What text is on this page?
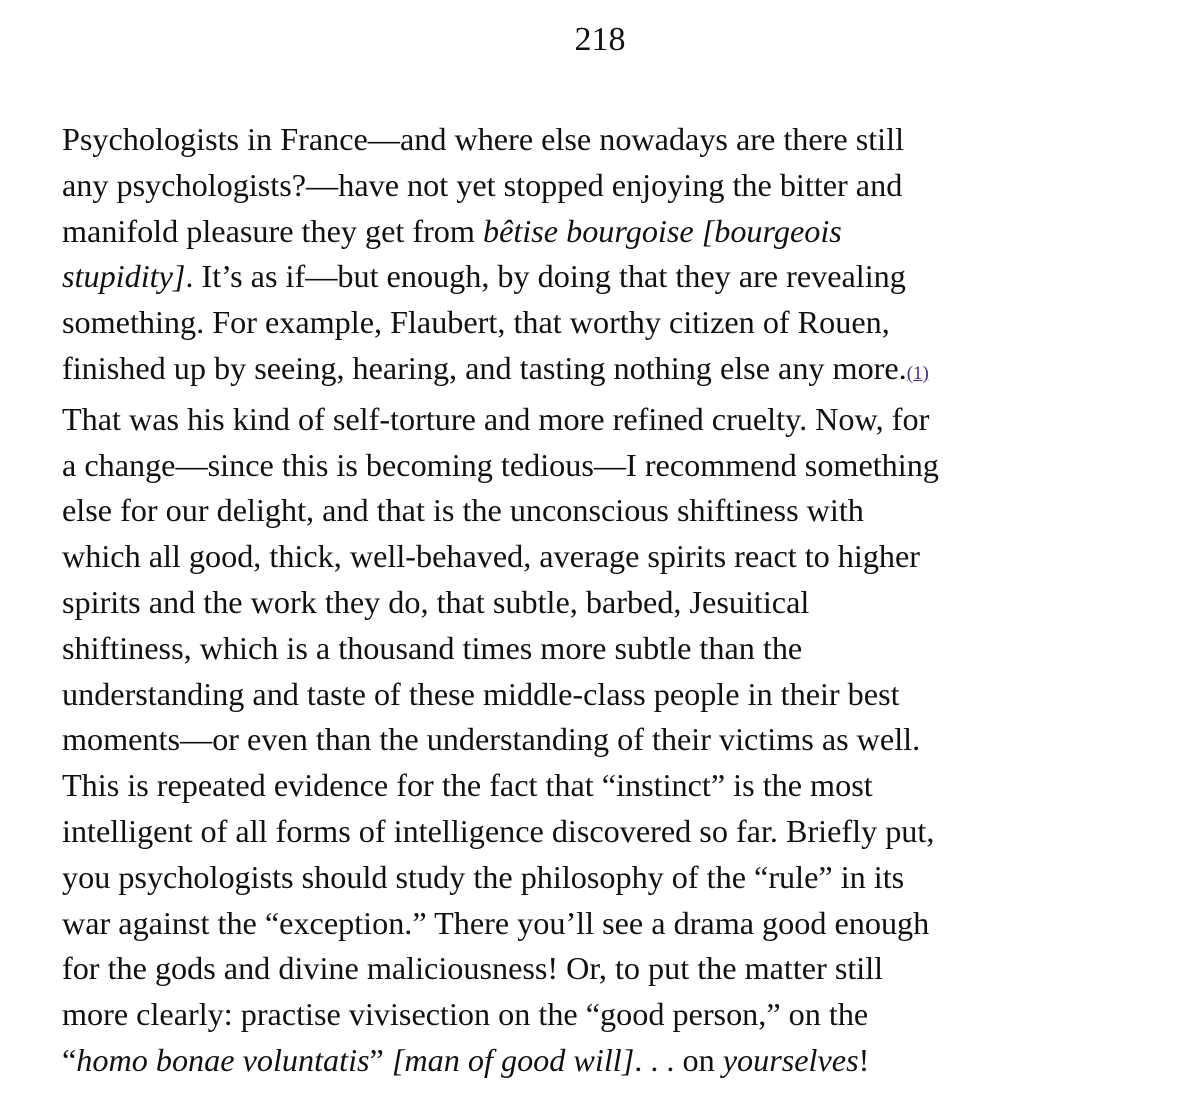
218

Psychologists in France—and where else nowadays are there still
any psychologists?—have not yet stopped enjoying the bitter and
manifold pleasure they get from bêtise bourgoise [bourgeois
stupidity]. It’s as if—but enough, by doing that they are revealing
something. For example, Flaubert, that worthy citizen of Rouen,
finished up by seeing, hearing, and tasting nothing else any more.(1)
That was his kind of self-torture and more refined cruelty. Now, for
a change—since this is becoming tedious—I recommend something
else for our delight, and that is the unconscious shiftiness with
which all good, thick, well-behaved, average spirits react to higher
spirits and the work they do, that subtle, barbed, Jesuitical
shiftiness, which is a thousand times more subtle than the
understanding and taste of these middle-class people in their best
moments—or even than the understanding of their victims as well.
This is repeated evidence for the fact that “instinct” is the most
intelligent of all forms of intelligence discovered so far. Briefly put,
you psychologists should study the philosophy of the “rule” in its
war against the “exception.” There you’ll see a drama good enough
for the gods and divine maliciousness! Or, to put the matter still
more clearly: practise vivisection on the “good person,” on the
“homo bonae voluntatis” [man of good will]. . . on yourselves!
